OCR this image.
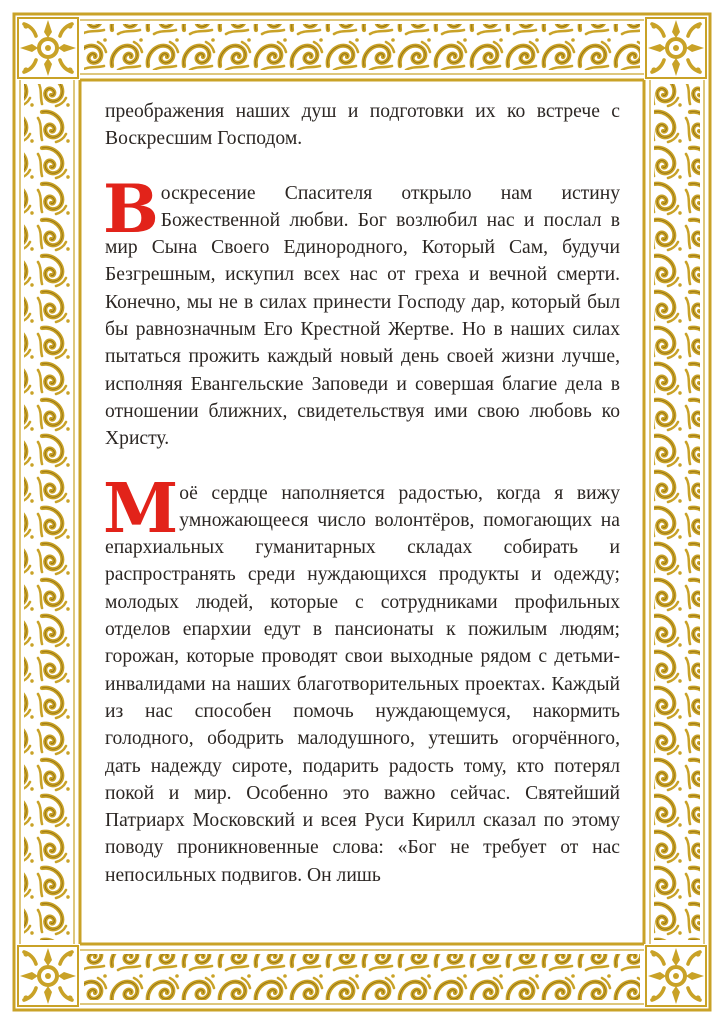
преображения наших душ и подготовки их ко встрече с Воскресшим Господом.

Воскресение Спасителя открыло нам истину Божественной любви. Бог возлюбил нас и послал в мир Сына Своего Единородного, Который Сам, будучи Безгрешным, искупил всех нас от греха и вечной смерти. Конечно, мы не в силах принести Господу дар, который был бы равнозначным Его Крестной Жертве. Но в наших силах пытаться прожить каждый новый день своей жизни лучше, исполняя Евангельские Заповеди и совершая благие дела в отношении ближних, свидетельствуя ими свою любовь ко Христу.

Моё сердце наполняется радостью, когда я вижу умножающееся число волонтёров, помогающих на епархиальных гуманитарных складах собирать и распространять среди нуждающихся продукты и одежду; молодых людей, которые с сотрудниками профильных отделов епархии едут в пансионаты к пожилым людям; горожан, которые проводят свои выходные рядом с детьми-инвалидами на наших благотворительных проектах. Каждый из нас способен помочь нуждающемуся, накормить голодного, ободрить малодушного, утешить огорчённого, дать надежду сироте, подарить радость тому, кто потерял покой и мир. Особенно это важно сейчас. Святейший Патриарх Московский и всея Руси Кирилл сказал по этому поводу проникновенные слова: «Бог не требует от нас непосильных подвигов. Он лишь
